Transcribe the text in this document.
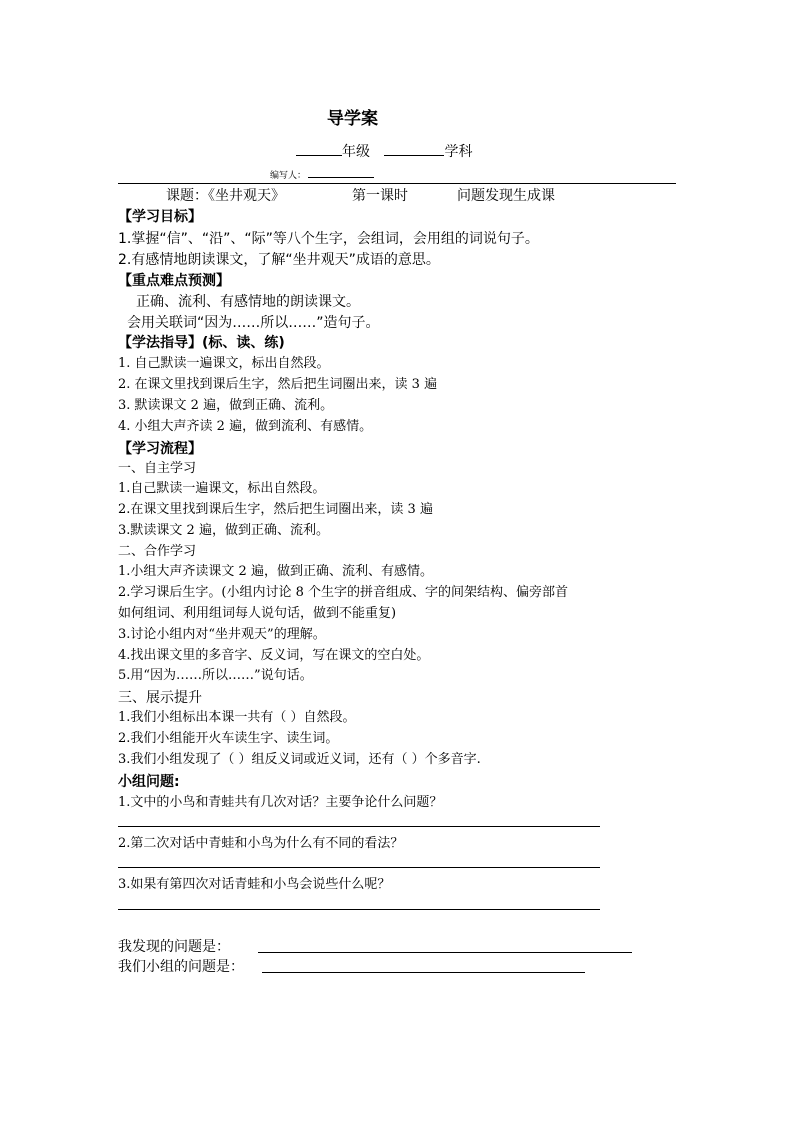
导学案
年级	学科
编写人：
课题：《坐井观天》	第一课时	问题发现生成课
【学习目标】
1.掌握“信”、“沿”、“际”等八个生字，会组词，会用组的词说句子。
2.有感情地朗读课文，了解“坐井观天”成语的意思。
【重点难点预测】
正确、流利、有感情地的朗读课文。
会用关联词“因为……所以……”造句子。
【学法指导】(标、读、练)
1. 自己默读一遍课文，标出自然段。
2. 在课文里找到课后生字，然后把生词圈出来，读 3 遍
3. 默读课文 2 遍，做到正确、流利。
4. 小组大声齐读 2 遍，做到流利、有感情。
【学习流程】
一、自主学习
1.自己默读一遍课文，标出自然段。
2.在课文里找到课后生字，然后把生词圈出来，读 3 遍
3.默读课文 2 遍，做到正确、流利。
二、合作学习
1.小组大声齐读课文 2 遍，做到正确、流利、有感情。
2.学习课后生字。(小组内讨论 8 个生字的拼音组成、字的间架结构、偏旁部首
如何组词、利用组词每人说句话，做到不能重复)
3.讨论小组内对“坐井观天”的理解。
4.找出课文里的多音字、反义词，写在课文的空白处。
5.用“因为……所以……”说句话。
三、展示提升
1.我们小组标出本课一共有（ ）自然段。
2.我们小组能开火车读生字、读生词。
3.我们小组发现了（ ）组反义词或近义词，还有（ ）个多音字.
小组问题:
1.文中的小鸟和青蛙共有几次对话？主要争论什么问题？
2.第二次对话中青蛙和小鸟为什么有不同的看法？
3.如果有第四次对话青蛙和小鸟会说些什么呢？
我发现的问题是：
我们小组的问题是：
